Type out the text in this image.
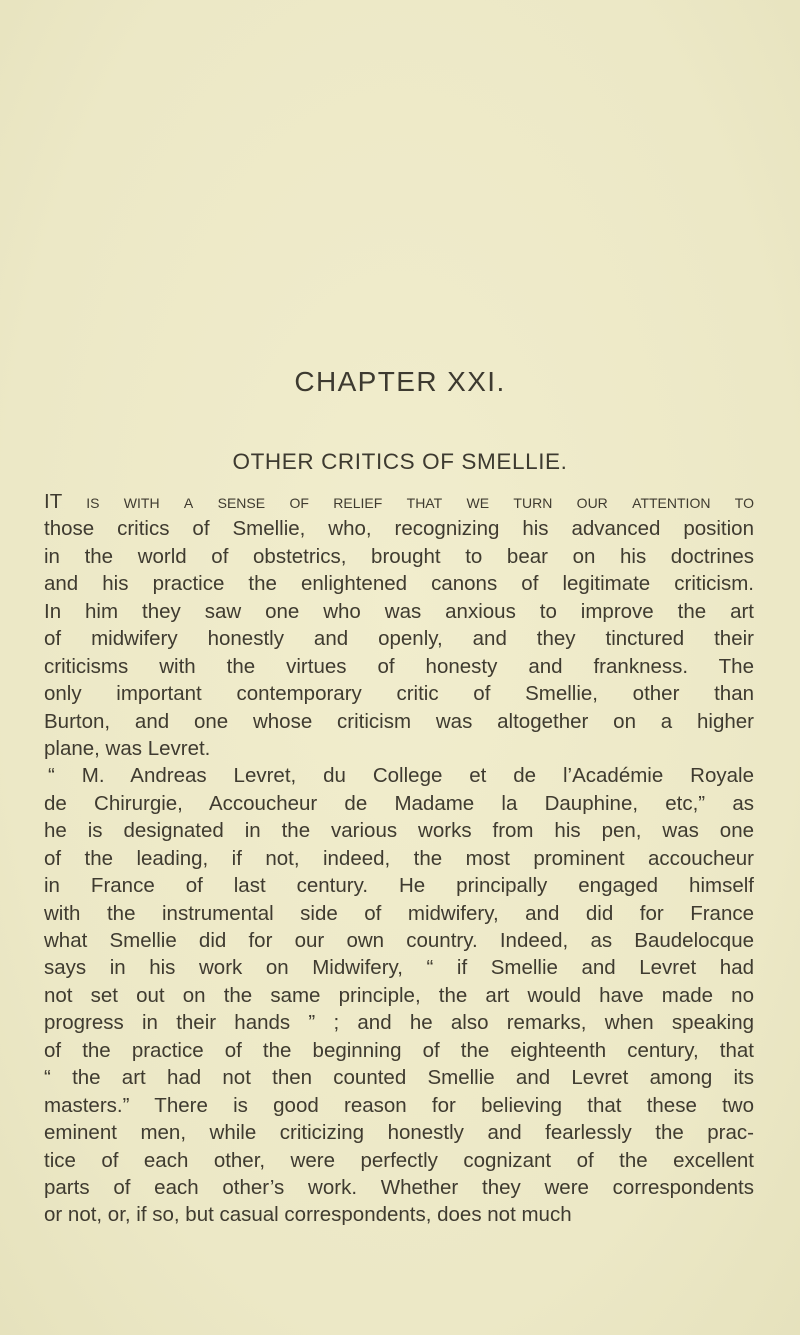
CHAPTER XXI.
OTHER CRITICS OF SMELLIE.
IT is with a sense of relief that we turn our attention to
those critics of Smellie, who, recognizing his advanced position
in the world of obstetrics, brought to bear on his doctrines
and his practice the enlightened canons of legitimate criticism.
In him they saw one who was anxious to improve the art
of midwifery honestly and openly, and they tinctured their
criticisms with the virtues of honesty and frankness. The
only important contemporary critic of Smellie, other than
Burton, and one whose criticism was altogether on a higher
plane, was Levret.
“ M. Andreas Levret, du College et de l’Académie Royale
de Chirurgie, Accoucheur de Madame la Dauphine, etc,” as
he is designated in the various works from his pen, was one
of the leading, if not, indeed, the most prominent accoucheur
in France of last century. He principally engaged himself
with the instrumental side of midwifery, and did for France
what Smellie did for our own country. Indeed, as Baudelocque
says in his work on Midwifery, “ if Smellie and Levret had
not set out on the same principle, the art would have made no
progress in their hands ” ; and he also remarks, when speaking
of the practice of the beginning of the eighteenth century, that
“ the art had not then counted Smellie and Levret among its
masters.” There is good reason for believing that these two
eminent men, while criticizing honestly and fearlessly the prac-
tice of each other, were perfectly cognizant of the excellent
parts of each other’s work. Whether they were correspondents
or not, or, if so, but casual correspondents, does not much
